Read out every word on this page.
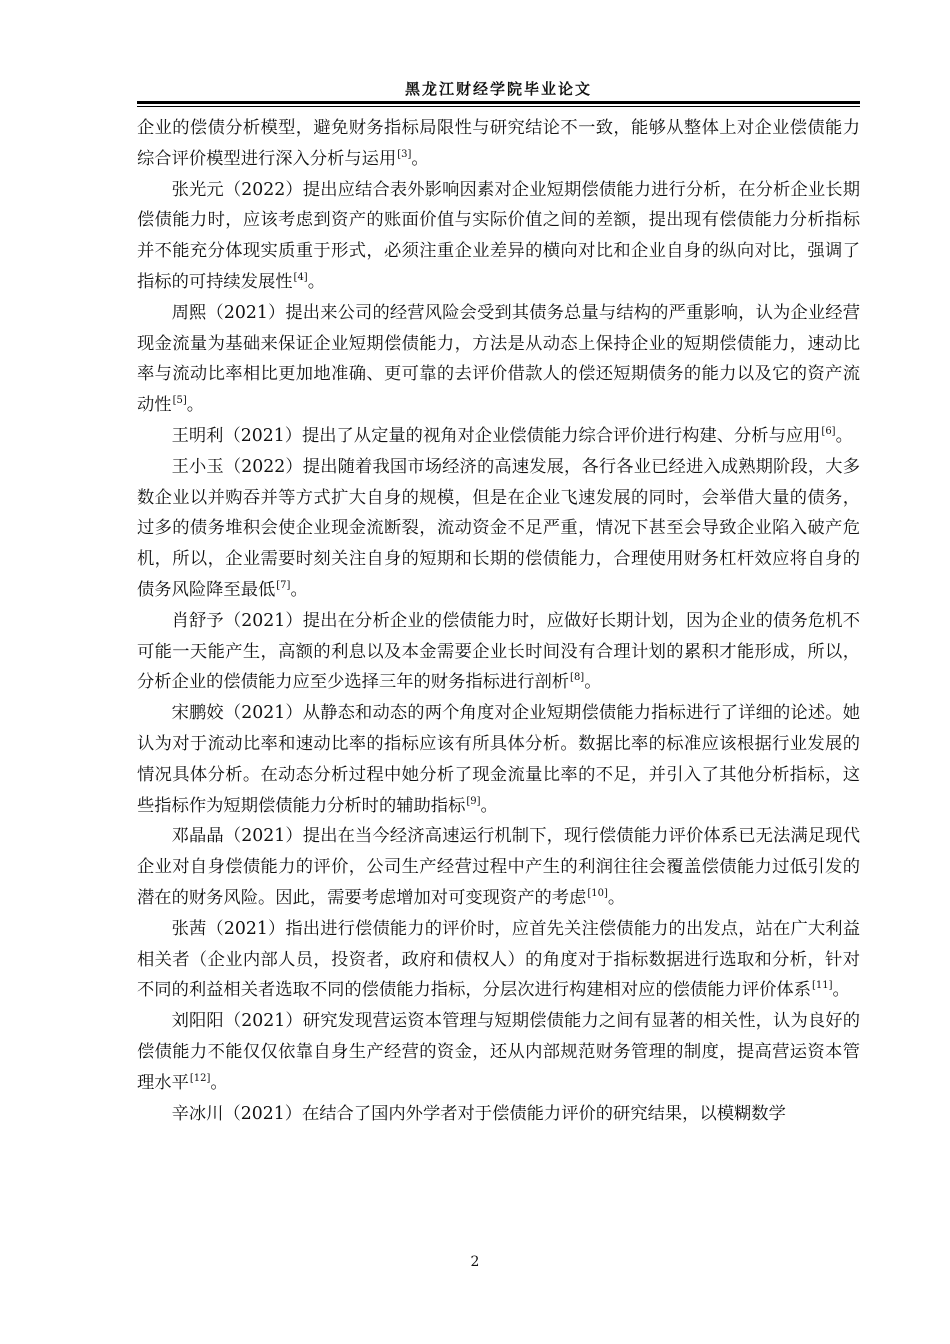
黑龙江财经学院毕业论文

企业的偿债分析模型，避免财务指标局限性与研究结论不一致，能够从整体上对企业偿债能力综合评价模型进行深入分析与运用[3]。

张光元（2022）提出应结合表外影响因素对企业短期偿债能力进行分析，在分析企业长期偿债能力时，应该考虑到资产的账面价值与实际价值之间的差额，提出现有偿债能力分析指标并不能充分体现实质重于形式，必须注重企业差异的横向对比和企业自身的纵向对比，强调了指标的可持续发展性[4]。

周熙（2021）提出来公司的经营风险会受到其债务总量与结构的严重影响，认为企业经营现金流量为基础来保证企业短期偿债能力，方法是从动态上保持企业的短期偿债能力，速动比率与流动比率相比更加地准确、更可靠的去评价借款人的偿还短期债务的能力以及它的资产流动性[5]。

王明利（2021）提出了从定量的视角对企业偿债能力综合评价进行构建、分析与应用[6]。

王小玉（2022）提出随着我国市场经济的高速发展，各行各业已经进入成熟期阶段，大多数企业以并购吞并等方式扩大自身的规模，但是在企业飞速发展的同时，会举借大量的债务，过多的债务堆积会使企业现金流断裂，流动资金不足严重，情况下甚至会导致企业陷入破产危机，所以，企业需要时刻关注自身的短期和长期的偿债能力，合理使用财务杠杆效应将自身的债务风险降至最低[7]。

肖舒予（2021）提出在分析企业的偿债能力时，应做好长期计划，因为企业的债务危机不可能一天能产生，高额的利息以及本金需要企业长时间没有合理计划的累积才能形成，所以，分析企业的偿债能力应至少选择三年的财务指标进行剖析[8]。

宋鹏姣（2021）从静态和动态的两个角度对企业短期偿债能力指标进行了详细的论述。她认为对于流动比率和速动比率的指标应该有所具体分析。数据比率的标准应该根据行业发展的情况具体分析。在动态分析过程中她分析了现金流量比率的不足，并引入了其他分析指标，这些指标作为短期偿债能力分析时的辅助指标[9]。

邓晶晶（2021）提出在当今经济高速运行机制下，现行偿债能力评价体系已无法满足现代企业对自身偿债能力的评价，公司生产经营过程中产生的利润往往会覆盖偿债能力过低引发的潜在的财务风险。因此，需要考虑增加对可变现资产的考虑[10]。

张茜（2021）指出进行偿债能力的评价时，应首先关注偿债能力的出发点，站在广大利益相关者（企业内部人员，投资者，政府和债权人）的角度对于指标数据进行选取和分析，针对不同的利益相关者选取不同的偿债能力指标，分层次进行构建相对应的偿债能力评价体系[11]。

刘阳阳（2021）研究发现营运资本管理与短期偿债能力之间有显著的相关性，认为良好的偿债能力不能仅仅依靠自身生产经营的资金，还从内部规范财务管理的制度，提高营运资本管理水平[12]。

辛冰川（2021）在结合了国内外学者对于偿债能力评价的研究结果，以模糊数学

2
